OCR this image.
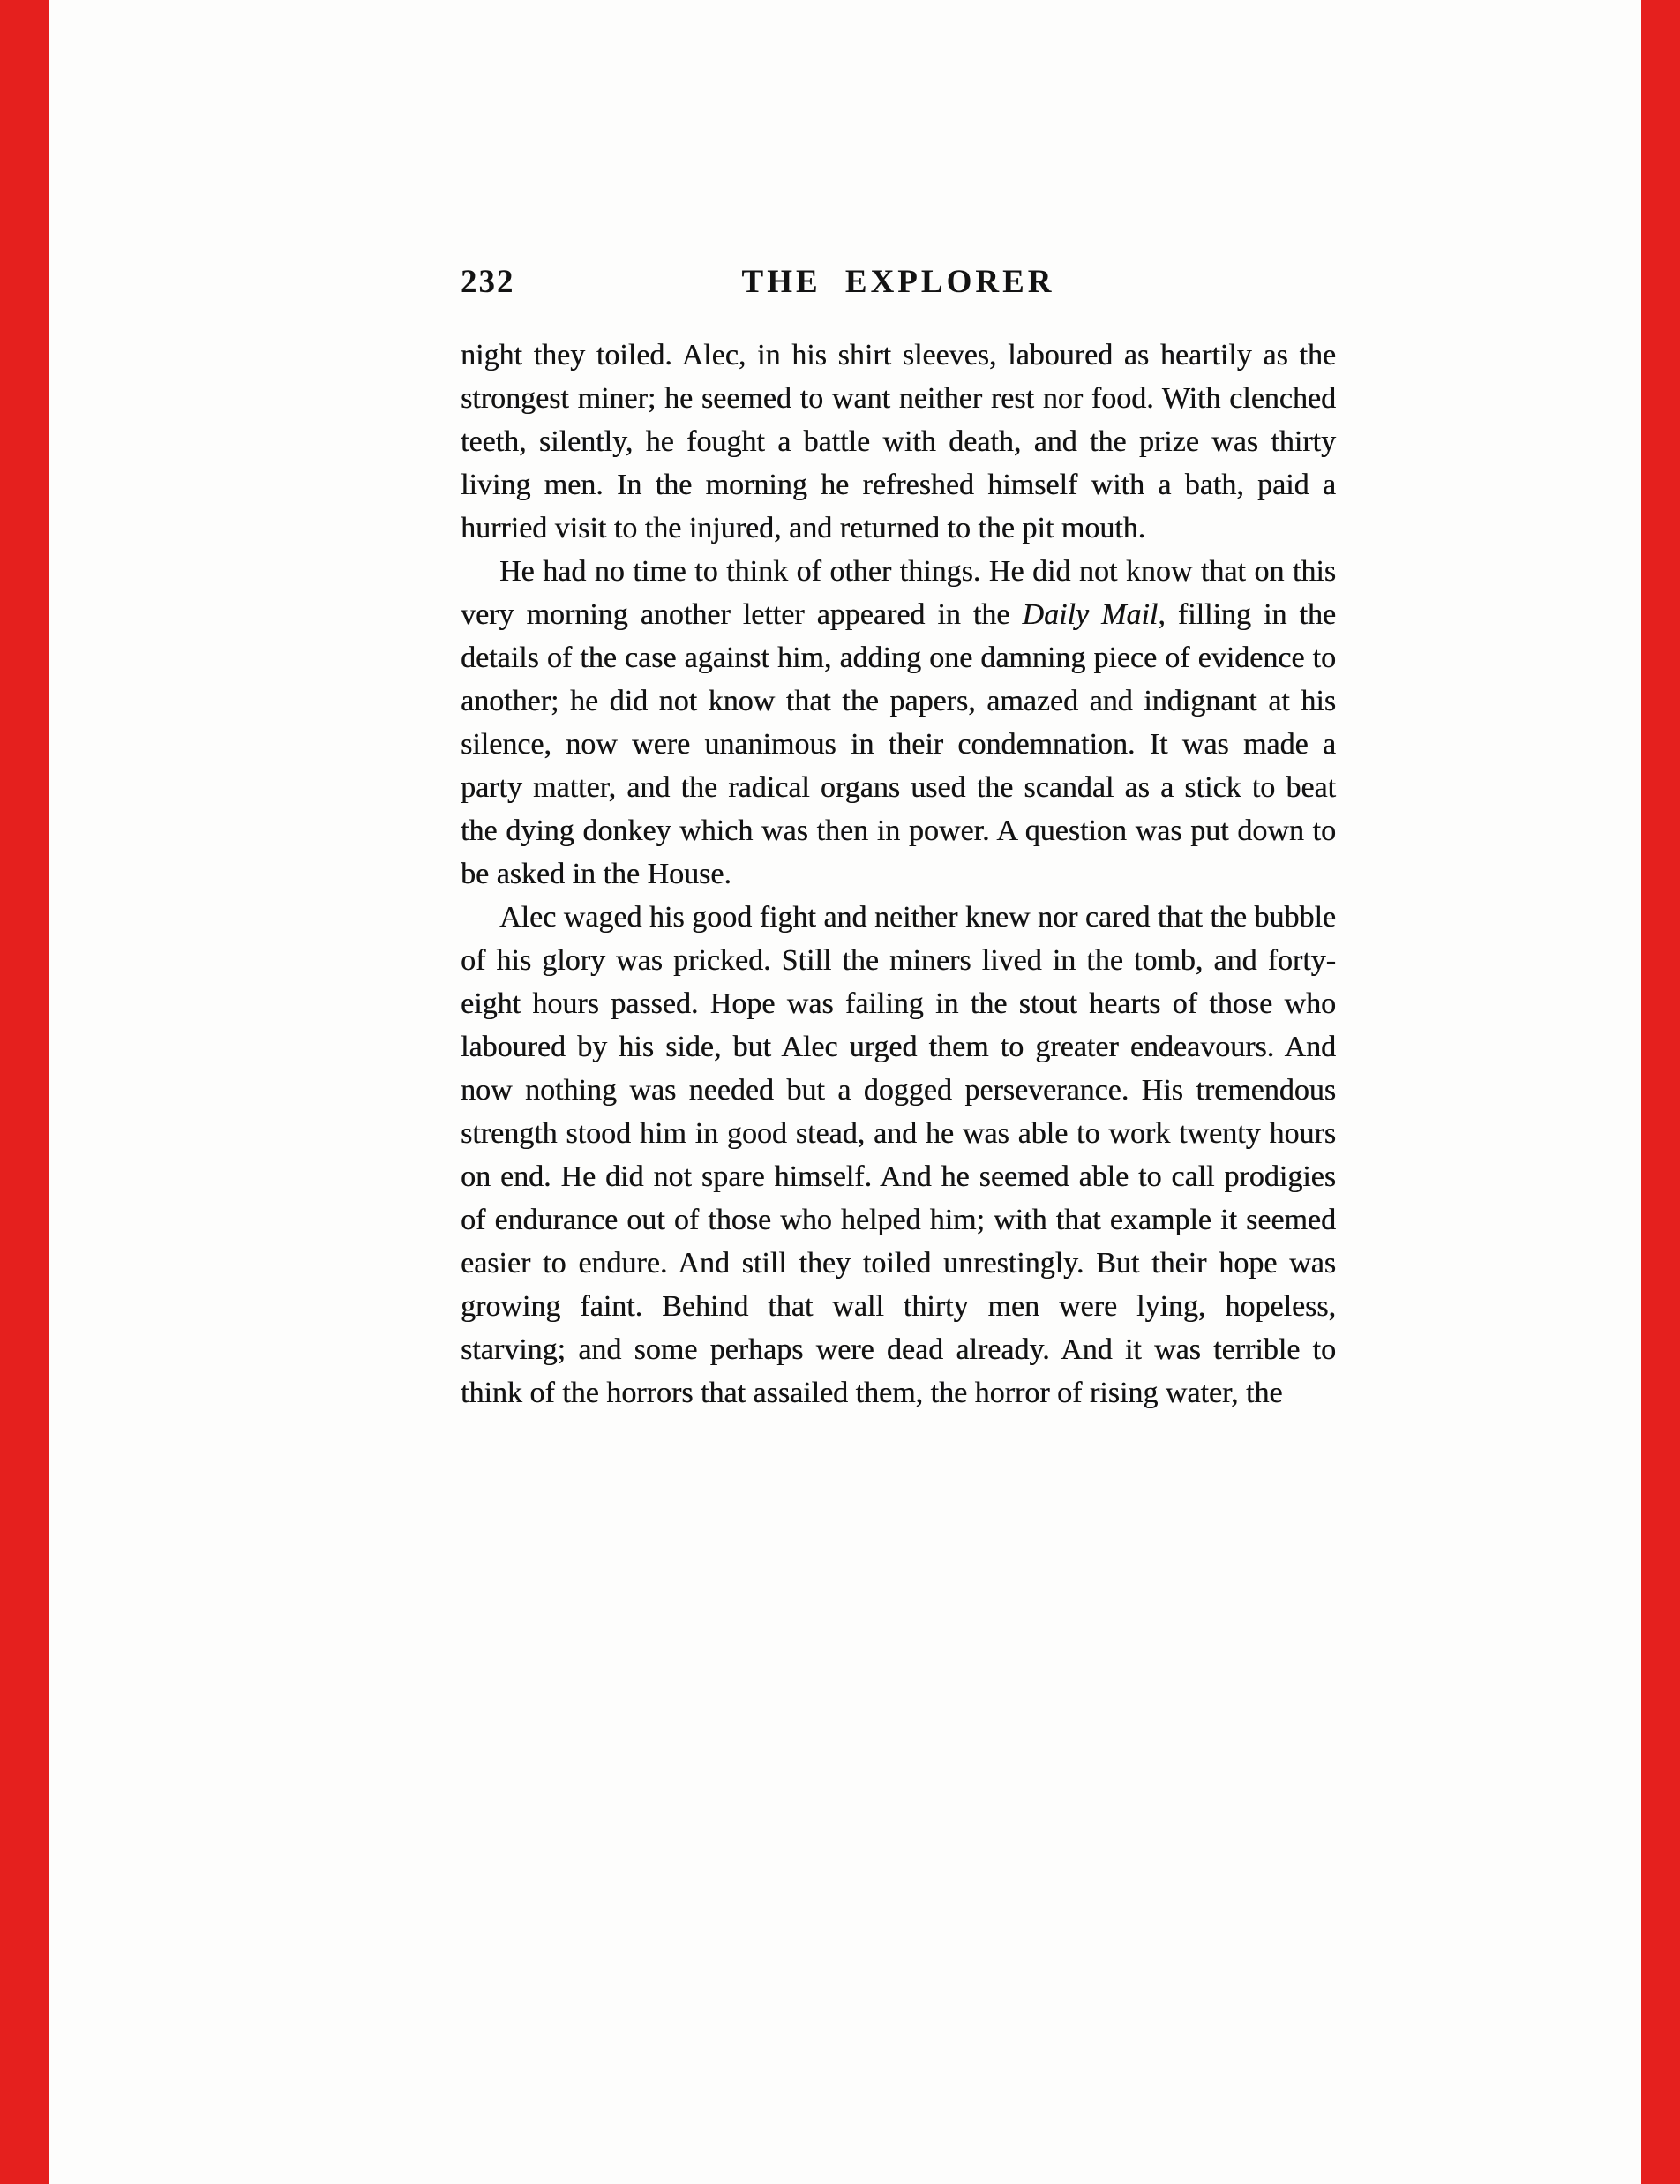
232	THE EXPLORER

night they toiled. Alec, in his shirt sleeves, laboured as heartily as the strongest miner; he seemed to want neither rest nor food. With clenched teeth, silently, he fought a battle with death, and the prize was thirty living men. In the morning he refreshed himself with a bath, paid a hurried visit to the injured, and returned to the pit mouth.

He had no time to think of other things. He did not know that on this very morning another letter appeared in the Daily Mail, filling in the details of the case against him, adding one damning piece of evidence to another; he did not know that the papers, amazed and indignant at his silence, now were unanimous in their condemnation. It was made a party matter, and the radical organs used the scandal as a stick to beat the dying donkey which was then in power. A question was put down to be asked in the House.

Alec waged his good fight and neither knew nor cared that the bubble of his glory was pricked. Still the miners lived in the tomb, and forty-eight hours passed. Hope was failing in the stout hearts of those who laboured by his side, but Alec urged them to greater endeavours. And now nothing was needed but a dogged perseverance. His tremendous strength stood him in good stead, and he was able to work twenty hours on end. He did not spare himself. And he seemed able to call prodigies of endurance out of those who helped him; with that example it seemed easier to endure. And still they toiled unrestingly. But their hope was growing faint. Behind that wall thirty men were lying, hopeless, starving; and some perhaps were dead already. And it was terrible to think of the horrors that assailed them, the horror of rising water, the
